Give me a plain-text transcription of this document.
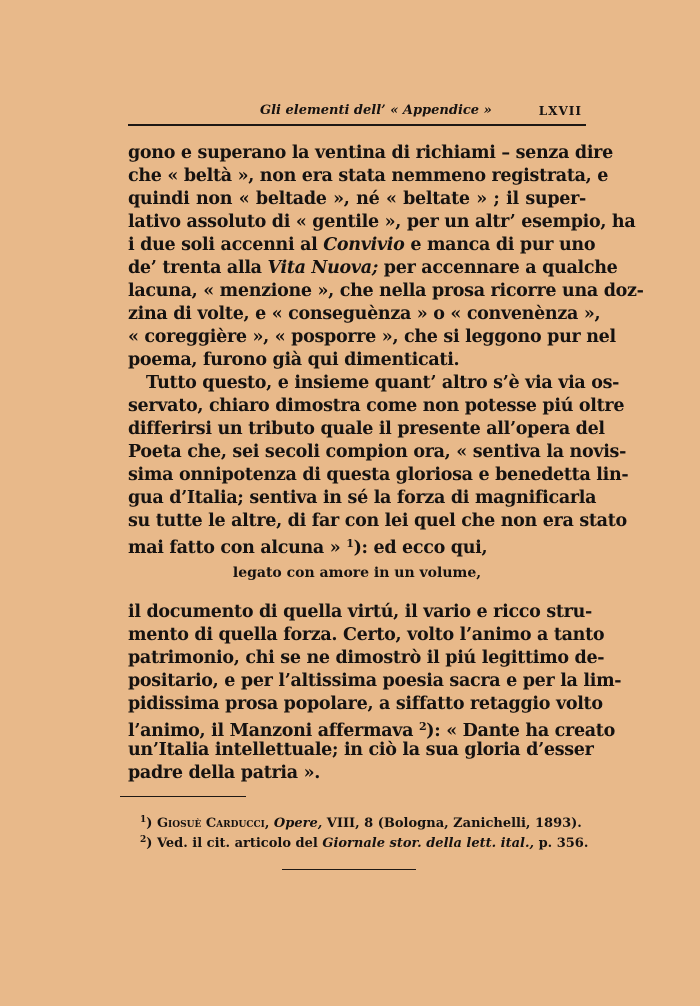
Gli elementi dell’ « Appendice »	LXVII
gono e superano la ventina di richiami – senza dire
che « beltà », non era stata nemmeno registrata, e
quindi non « beltade », né « beltate » ; il super-
lativo assoluto di « gentile », per un altr’ esempio, ha
i due soli accenni al Convivio e manca di pur uno
de’ trenta alla Vita Nuova; per accennare a qualche
lacuna, « menzione », che nella prosa ricorre una doz-
zina di volte, e « conseguènza » o « convenènza »,
« coreggière », « posporre », che si leggono pur nel
poema, furono già qui dimenticati.
Tutto questo, e insieme quant’ altro s’è via via os-
servato, chiaro dimostra come non potesse piú oltre
differirsi un tributo quale il presente all’opera del
Poeta che, sei secoli compion ora, « sentiva la novis-
sima onnipotenza di questa gloriosa e benedetta lin-
gua d’Italia; sentiva in sé la forza di magnificarla
su tutte le altre, di far con lei quel che non era stato
mai fatto con alcuna » $^1$): ed ecco qui,
legato con amore in un volume,
il documento di quella virtú, il vario e ricco stru-
mento di quella forza. Certo, volto l’animo a tanto
patrimonio, chi se ne dimostrò il piú legittimo de-
positario, e per l’altissima poesia sacra e per la lim-
pidissima prosa popolare, a siffatto retaggio volto
l’animo, il Manzoni affermava $^2$): « Dante ha creato
un’Italia intellettuale; in ciò la sua gloria d’esser
padre della patria ».
$^1$) Giosuè Carducci, Opere, VIII, 8 (Bologna, Zanichelli, 1893).
$^2$) Ved. il cit. articolo del Giornale stor. della lett. ital., p. 356.
